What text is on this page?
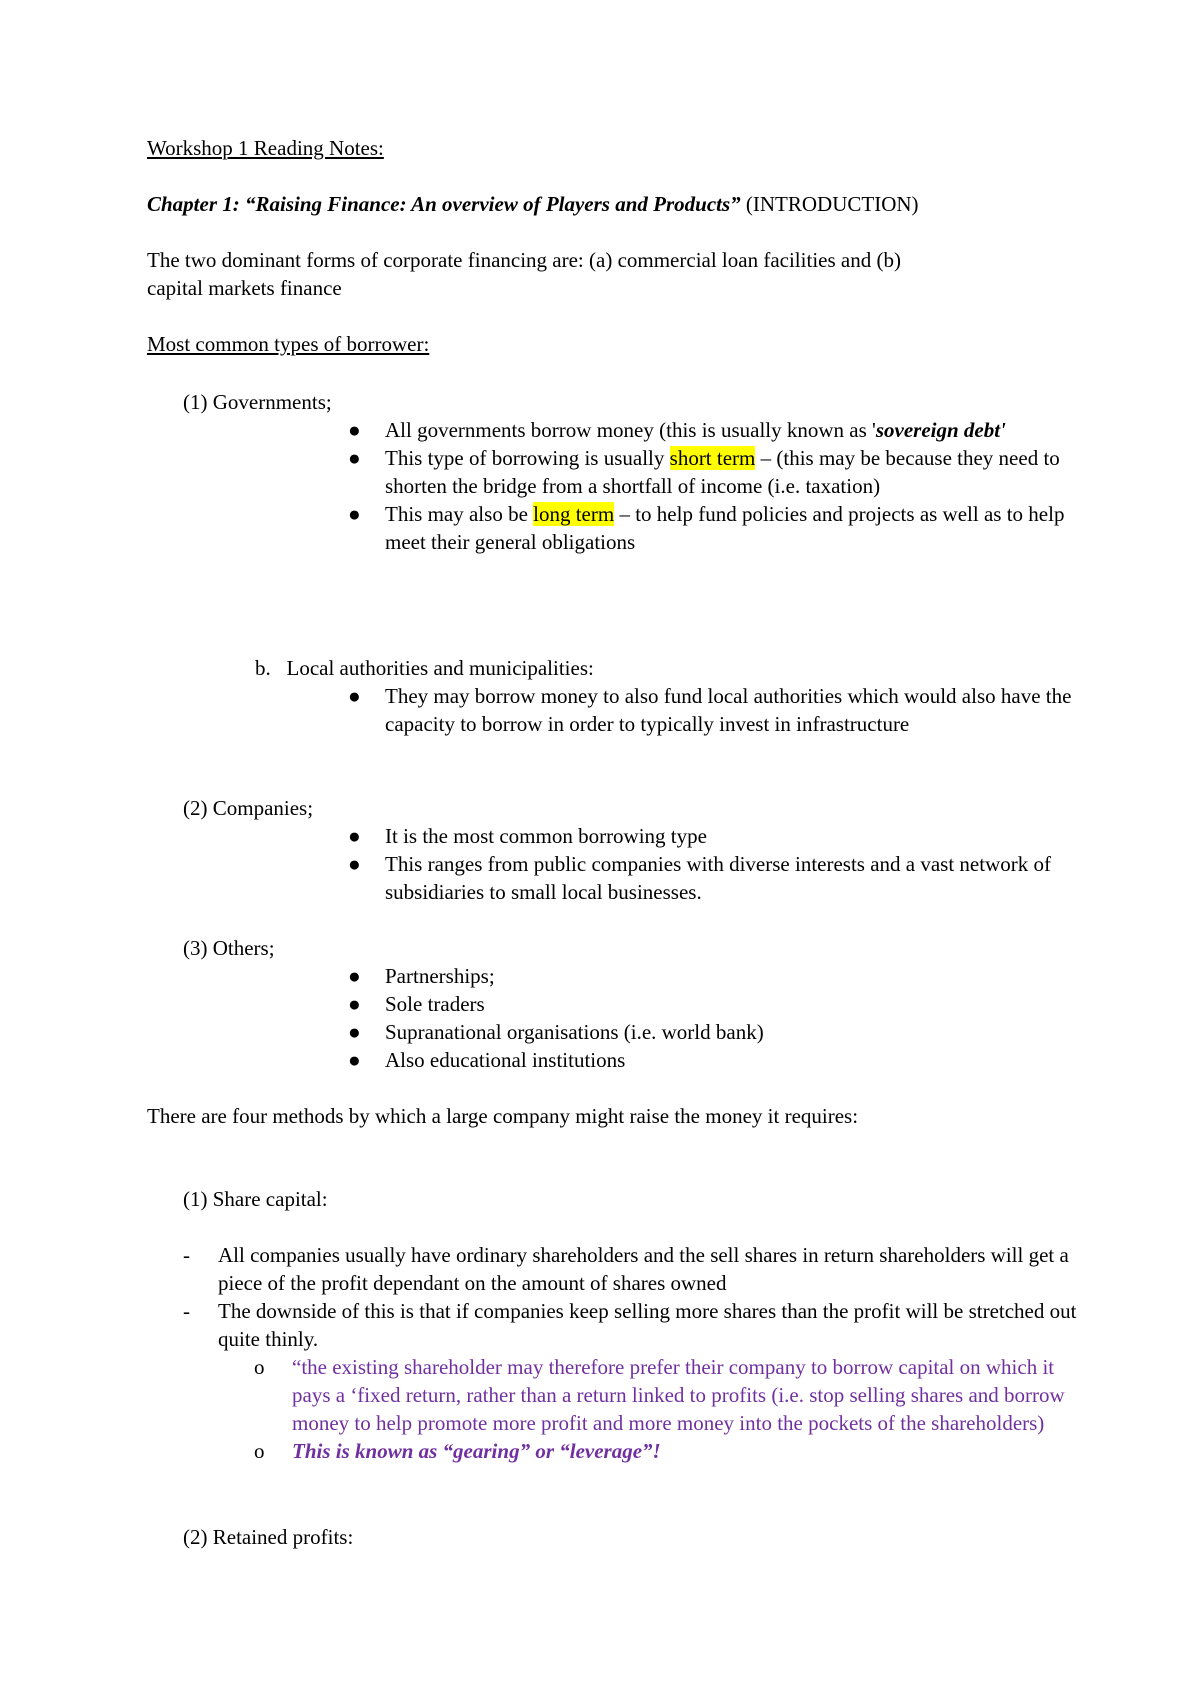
Workshop 1 Reading Notes:
Chapter 1: “Raising Finance: An overview of Players and Products” (INTRODUCTION)
The two dominant forms of corporate financing are: (a) commercial loan facilities and (b)
capital markets finance
Most common types of borrower:
(1) Governments;
● All governments borrow money (this is usually known as 'sovereign debt'
● This type of borrowing is usually short term – (this may be because they need to shorten the bridge from a shortfall of income (i.e. taxation)
● This may also be long term – to help fund policies and projects as well as to help meet their general obligations
b.  Local authorities and municipalities:
● They may borrow money to also fund local authorities which would also have the capacity to borrow in order to typically invest in infrastructure
(2) Companies;
● It is the most common borrowing type
● This ranges from public companies with diverse interests and a vast network of subsidiaries to small local businesses.
(3) Others;
● Partnerships;
● Sole traders
● Supranational organisations (i.e. world bank)
● Also educational institutions
There are four methods by which a large company might raise the money it requires:
(1) Share capital:
- All companies usually have ordinary shareholders and the sell shares in return shareholders will get a piece of the profit dependant on the amount of shares owned
- The downside of this is that if companies keep selling more shares than the profit will be stretched out quite thinly.
o “the existing shareholder may therefore prefer their company to borrow capital on which it pays a ‘fixed return, rather than a return linked to profits (i.e. stop selling shares and borrow money to help promote more profit and more money into the pockets of the shareholders)
o This is known as “gearing” or “leverage”!
(2) Retained profits:
